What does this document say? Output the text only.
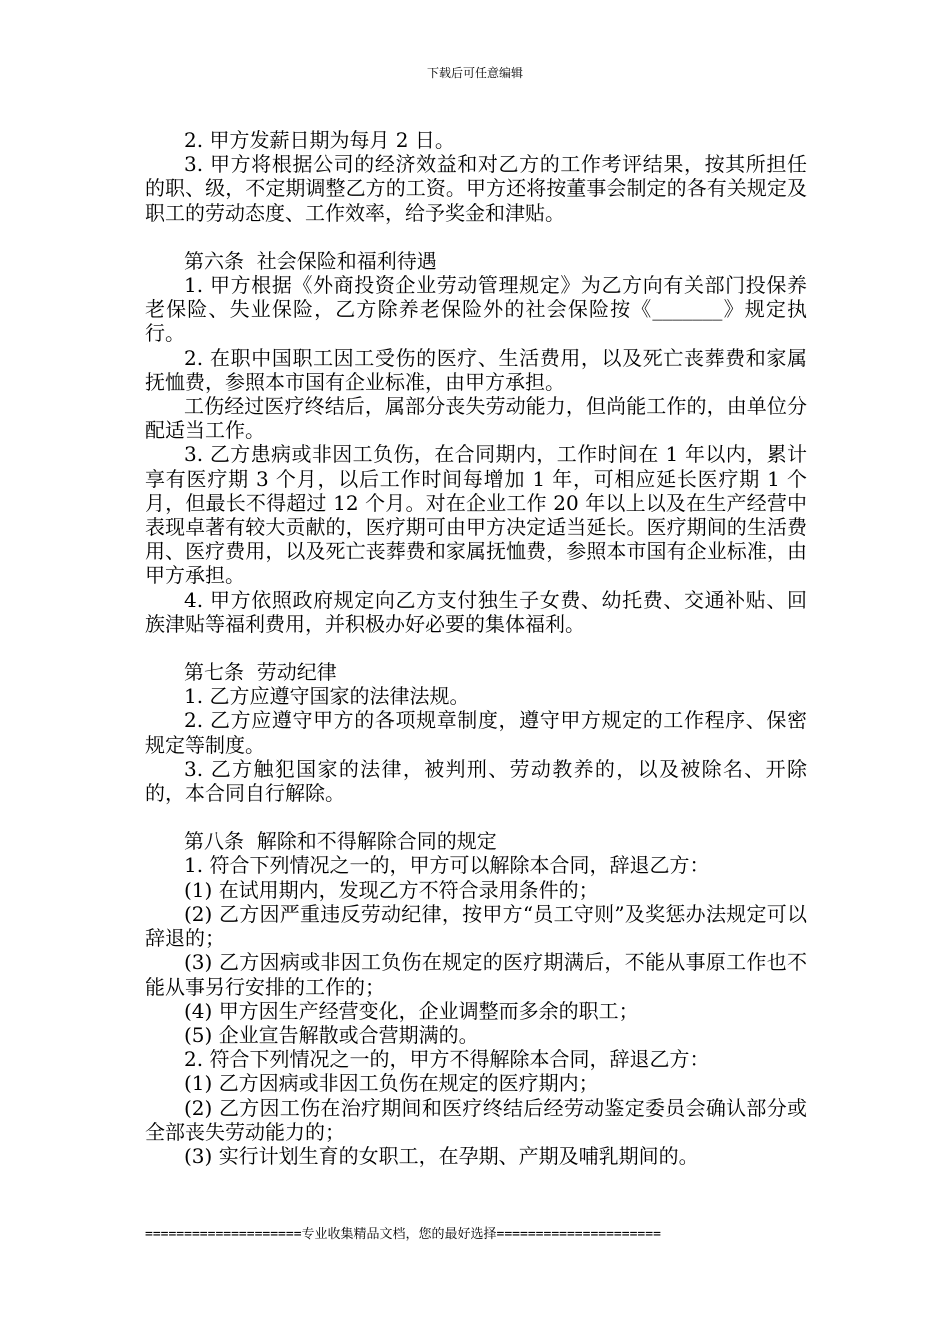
下载后可任意编辑

2. 甲方发薪日期为每月 2 日。

3. 甲方将根据公司的经济效益和对乙方的工作考评结果，按其所担任的职、级，不定期调整乙方的工资。甲方还将按董事会制定的各有关规定及职工的劳动态度、工作效率，给予奖金和津贴。

第六条  社会保险和福利待遇

1. 甲方根据《外商投资企业劳动管理规定》为乙方向有关部门投保养老保险、失业保险，乙方除养老保险外的社会保险按《_______》规定执行。

2. 在职中国职工因工受伤的医疗、生活费用，以及死亡丧葬费和家属抚恤费，参照本市国有企业标准，由甲方承担。

工伤经过医疗终结后，属部分丧失劳动能力，但尚能工作的，由单位分配适当工作。

3. 乙方患病或非因工负伤，在合同期内，工作时间在 1 年以内，累计享有医疗期 3 个月，以后工作时间每增加 1 年，可相应延长医疗期 1 个月，但最长不得超过 12 个月。对在企业工作 20 年以上以及在生产经营中表现卓著有较大贡献的，医疗期可由甲方决定适当延长。医疗期间的生活费用、医疗费用，以及死亡丧葬费和家属抚恤费，参照本市国有企业标准，由甲方承担。

4. 甲方依照政府规定向乙方支付独生子女费、幼托费、交通补贴、回族津贴等福利费用，并积极办好必要的集体福利。

第七条  劳动纪律

1. 乙方应遵守国家的法律法规。

2. 乙方应遵守甲方的各项规章制度，遵守甲方规定的工作程序、保密规定等制度。

3. 乙方触犯国家的法律，被判刑、劳动教养的，以及被除名、开除的，本合同自行解除。

第八条  解除和不得解除合同的规定

1. 符合下列情况之一的，甲方可以解除本合同，辞退乙方：

(1) 在试用期内，发现乙方不符合录用条件的；

(2) 乙方因严重违反劳动纪律，按甲方“员工守则”及奖惩办法规定可以辞退的；

(3) 乙方因病或非因工负伤在规定的医疗期满后，不能从事原工作也不能从事另行安排的工作的；

(4) 甲方因生产经营变化，企业调整而多余的职工；

(5) 企业宣告解散或合营期满的。

2. 符合下列情况之一的，甲方不得解除本合同，辞退乙方：

(1) 乙方因病或非因工负伤在规定的医疗期内；

(2) 乙方因工伤在治疗期间和医疗终结后经劳动鉴定委员会确认部分或全部丧失劳动能力的；

(3) 实行计划生育的女职工，在孕期、产期及哺乳期间的。

====================专业收集精品文档，您的最好选择=====================
